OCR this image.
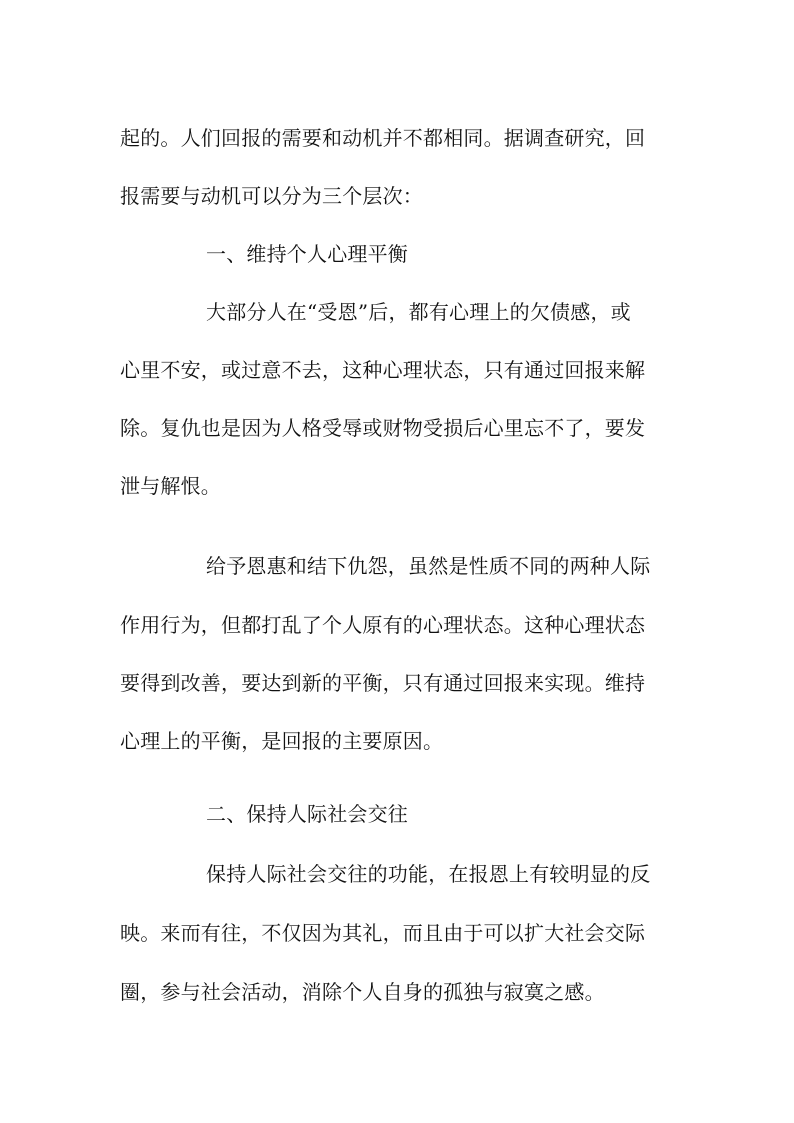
起的。人们回报的需要和动机并不都相同。据调查研究，回
报需要与动机可以分为三个层次：
一、维持个人心理平衡
大部分人在“受恩”后，都有心理上的欠债感，或
心里不安，或过意不去，这种心理状态，只有通过回报来解
除。复仇也是因为人格受辱或财物受损后心里忘不了，要发
泄与解恨。
给予恩惠和结下仇怨，虽然是性质不同的两种人际
作用行为，但都打乱了个人原有的心理状态。这种心理状态
要得到改善，要达到新的平衡，只有通过回报来实现。维持
心理上的平衡，是回报的主要原因。
二、保持人际社会交往
保持人际社会交往的功能，在报恩上有较明显的反
映。来而有往，不仅因为其礼，而且由于可以扩大社会交际
圈，参与社会活动，消除个人自身的孤独与寂寞之感。
